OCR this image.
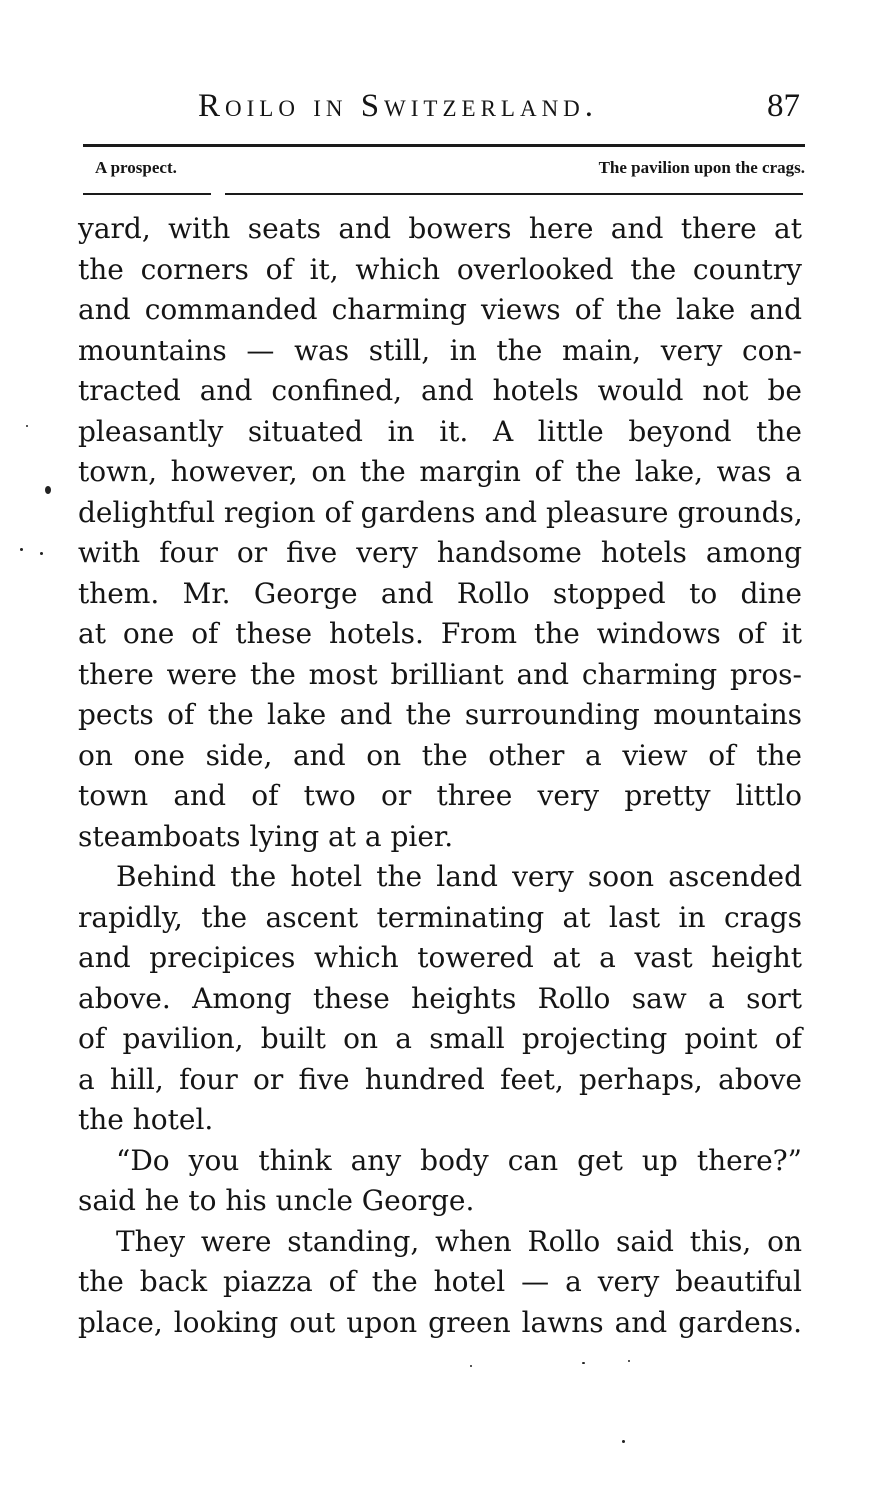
Roilo in Switzerland.	87
A prospect.	The pavilion upon the crags.
yard, with seats and bowers here and there at
the corners of it, which overlooked the country
and commanded charming views of the lake and
mountains — was still, in the main, very con-
tracted and confined, and hotels would not be
pleasantly situated in it. A little beyond the
town, however, on the margin of the lake, was a
delightful region of gardens and pleasure grounds,
with four or five very handsome hotels among
them. Mr. George and Rollo stopped to dine
at one of these hotels. From the windows of it
there were the most brilliant and charming pros-
pects of the lake and the surrounding mountains
on one side, and on the other a view of the
town and of two or three very pretty littlo
steamboats lying at a pier.
Behind the hotel the land very soon ascended
rapidly, the ascent terminating at last in crags
and precipices which towered at a vast height
above. Among these heights Rollo saw a sort
of pavilion, built on a small projecting point of
a hill, four or five hundred feet, perhaps, above
the hotel.
“Do you think any body can get up there?”
said he to his uncle George.
They were standing, when Rollo said this, on
the back piazza of the hotel — a very beautiful
place, looking out upon green lawns and gardens.
